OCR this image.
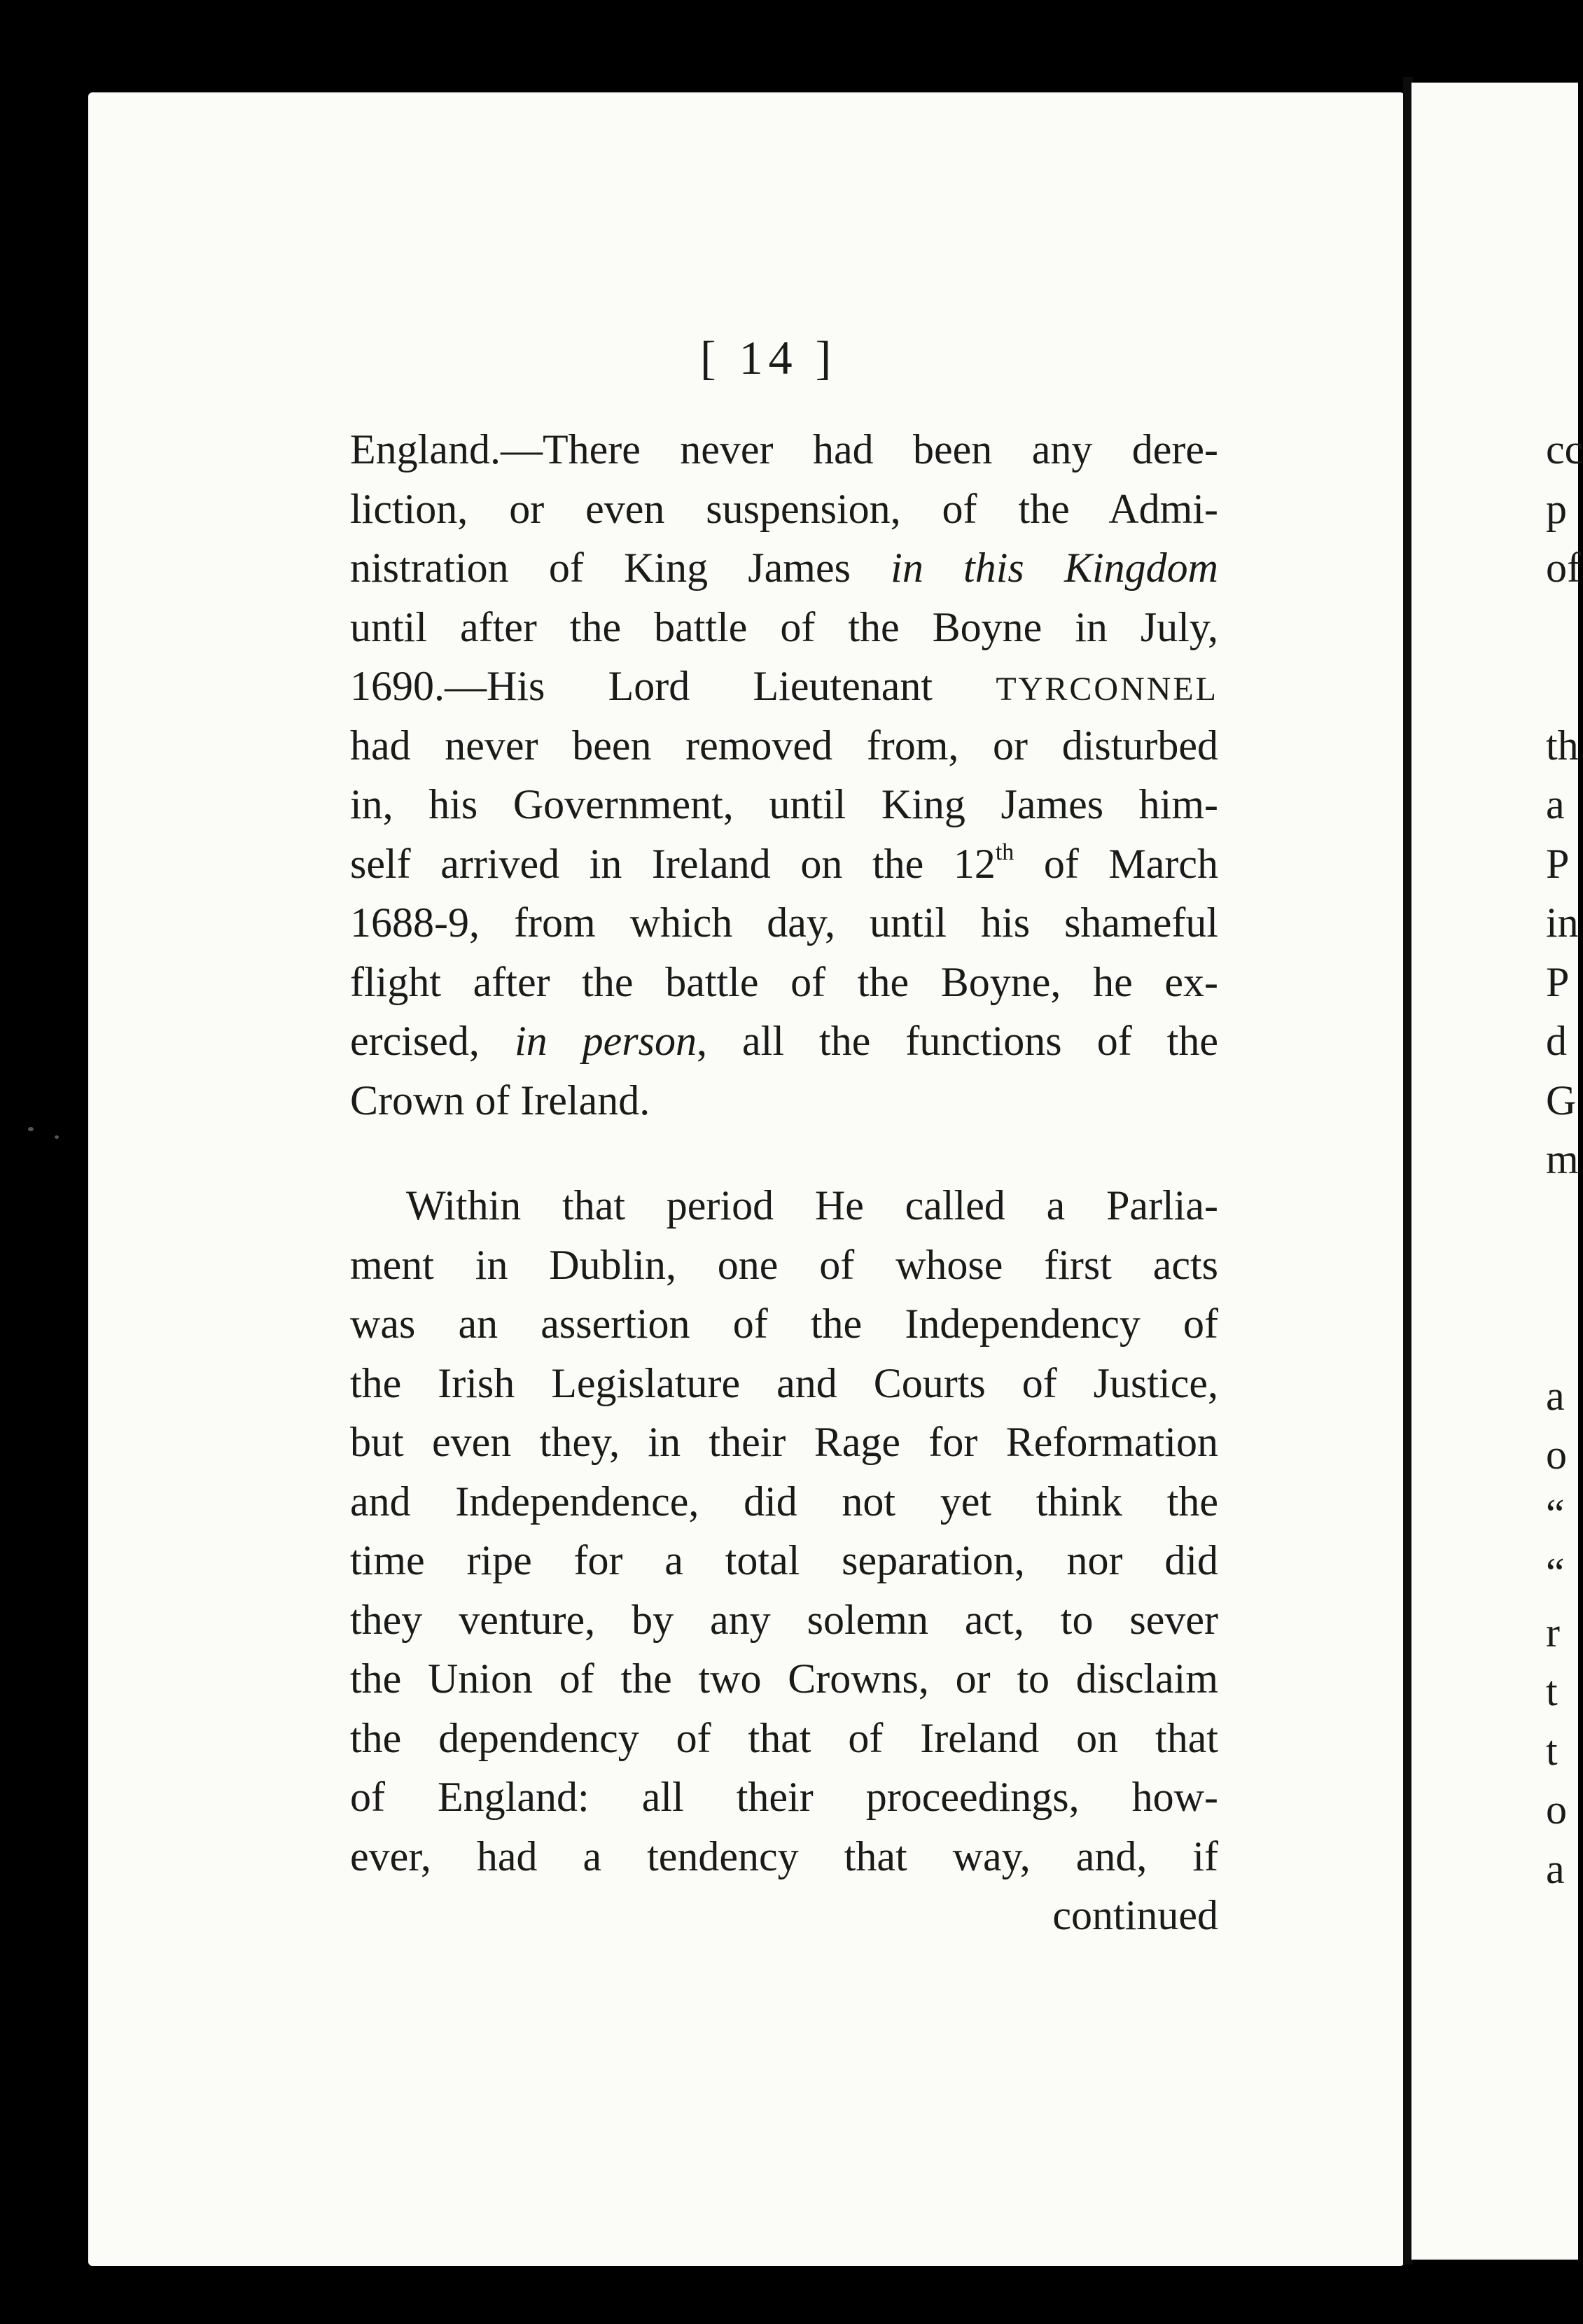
[ 14 ]
England.—There never had been any dere-
liction, or even suspension, of the Admi-
nistration of King James in this Kingdom
until after the battle of the Boyne in July,
1690.—His Lord Lieutenant TYRCONNEL
had never been removed from, or disturbed
in, his Government, until King James him-
self arrived in Ireland on the 12th of March
1688-9, from which day, until his shameful
flight after the battle of the Boyne, he ex-
ercised, in person, all the functions of the
Crown of Ireland.
Within that period He called a Parlia-
ment in Dublin, one of whose first acts
was an assertion of the Independency of
the Irish Legislature and Courts of Justice,
but even they, in their Rage for Reformation
and Independence, did not yet think the
time ripe for a total separation, nor did
they venture, by any solemn act, to sever
the Union of the two Crowns, or to disclaim
the dependency of that of Ireland on that
of England: all their proceedings, how-
ever, had a tendency that way, and, if
continued
cc
p
of
th
a
P
in
P
d
G
m
a
o
“
“
r
t
t
o
a
